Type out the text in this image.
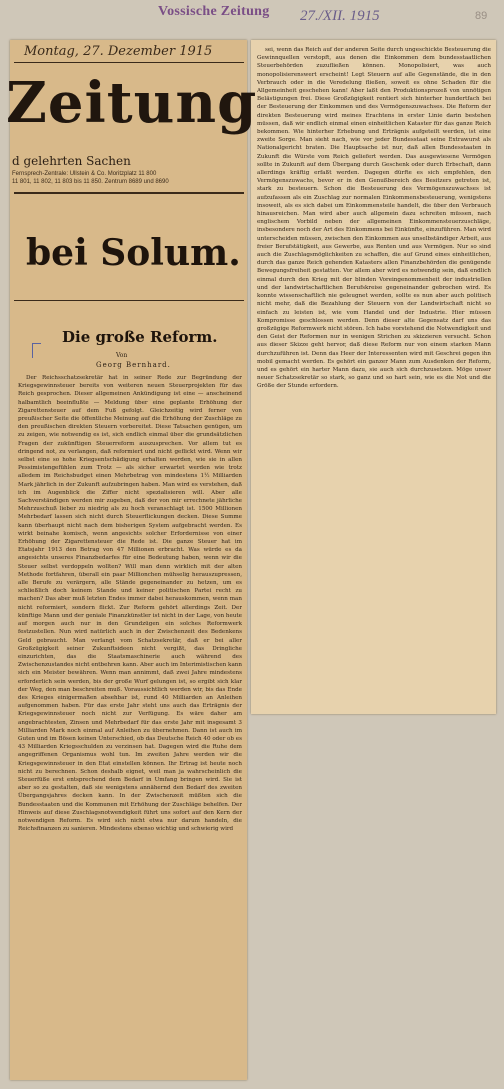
Vossische Zeitung 27./XII. 1915	89
Montag, 27. Dezember 1915
Zeitung
d gelehrten Sachen
Fernsprech-Zentrale: Ullstein & Co. Moritzplatz 11 800
11 801, 11 802, 11 803 bis 11 850. Zentrum 8689 und 8690
bei Solum.
Die große Reform.
Von
Georg Bernhard.

Der Reichsschatzsekretär hat in seiner Rede zur Begründung der Kriegsgewinnsteuer bereits von weiteren neuen Steuerprojekten für das Reich gesprochen. Dieser allgemeinen Ankündigung ist eine — anscheinend halbamtlich beeinflußte — Meldung über eine geplante Erhöhung der Zigarettensteuer auf dem Fuß gefolgt. Gleichzeitig wird ferner von preußischer Seite die öffentliche Meinung auf die Erhöhung der Zuschläge zu den preußischen direkten Steuern vorbereitet. Diese Tatsachen genügen, um zu zeigen, wie notwendig es ist, sich endlich einmal über die grundsätzlichen Fragen der zukünftigen Steuerreform auszusprechen. Vor allem tut es dringend not, zu verlangen, daß reformiert und nicht geflickt wird. Wenn wir selbst eine so hohe Kriegsentschädigung erhalten werden, wie sie in allen Pessimistengefühlen zum Trotz — als sicher erwartet werden wie trotz alledem im Reichsbudget einen Mehrbetrag von mindestens 1½ Milliarden Mark jährlich in der Zukunft aufzubringen haben. Man wird es verstehen, daß ich im Augenblick die Ziffer nicht spezialisieren will. Aber alle Sachverständigen werden mir zugeben, daß der von mir errechnete jährliche Mehrzuschuß lieber zu niedrig als zu hoch veranschlagt ist. 1500 Millionen Mehrbedarf lassen sich nicht durch Steuerflickungen decken. Diese Summe kann überhaupt nicht nach dem bisherigen System aufgebracht werden. Es wirkt beinahe komisch, wenn angesichts solcher Erfordernisse von einer Erhöhung der Zigarettensteuer die Rede ist. Die ganze Steuer hat im Etatsjahr 1913 den Betrag von 47 Millionen erbracht. Was würde es da angesichts unseres Finanzbedarfes für eine Bedeutung haben, wenn wir die Steuer selbst verdoppeln wollten? Will man denn wirklich mit der alten Methode fortfahren, überall ein paar Millionchen mühselig herauszupressen, alle Berufe zu verärgern, alle Stände gegeneinander zu hetzen, um es schließlich doch keinem Stande und keiner politischen Partei recht zu machen? Das aber muß letzten Endes immer dabei herauskommen, wenn man nicht reformiert, sondern flickt. Zur Reform gehört allerdings Zeit. Der künftige Mann und der geniale Finanzkünstler ist nicht in der Lage, von heute auf morgen auch nur in den Grundzügen ein solches Reformwerk festzustellen. Nun wird natürlich auch in der Zwischenzeit des Bedenkens Geld gebraucht. Man verlangt vom Schatzsekretär, daß er bei aller Großzügigkeit seiner Zukunftsideen nicht vergißt, das Dringliche einzurichten, das die Staatsmaschinerie auch während des Zwischenzustandes nicht entbehren kann. Aber auch im Interimistischen kann sich ein Meister bewähren. Wenn man annimmt, daß zwei Jahre mindestens erforderlich sein werden, bis der große Wurf gelungen ist, so ergibt sich klar der Weg, den man beschreiten muß. Voraussichtlich werden wir, bis das Ende des Krieges einigermaßen absehbar ist, rund 40 Milliarden an Anleihen aufgenommen haben. Für das erste Jahr steht uns auch das Erträgnis der Kriegsgewinnsteuer noch nicht zur Verfügung. Es wäre daher am angebrachtesten, Zinsen und Mehrbedarf für das erste Jahr mit insgesamt 3 Milliarden Mark noch einmal auf Anleihen zu übernehmen. Dann ist auch im Guten und im Bösen keinen Unterschied, ob das Deutsche Reich 40 oder ob es 43 Milliarden Kriegsschulden zu verzinsen hat. Dagegen wird die Ruhe dem angegriffenen Organismus wohl tun. Im zweiten Jahre werden wir die Kriegsgewinnsteuer in den Etat einstellen können. Ihr Ertrag ist heute noch nicht zu berechnen. Schon deshalb eignet, weil man ja wahrscheinlich die Steuerfüße erst entsprechend dem Bedarf in Umfang bringen wird. Sie ist aber so zu gestalten, daß sie wenigstens annähernd den Bedarf des zweiten Übergangsjahres decken kann. In der Zwischenzeit müßten sich die Bundesstaaten und die Kommunen mit Erhöhung der Zuschläge behelfen. Der Hinweis auf diese Zuschlagsnotwendigkeit führt uns sofort auf den Kern der notwendigen Reform. Es wird sich nicht etwa nur darum handeln, die Reichsfinanzen zu sanieren. Mindestens ebenso wichtig und schwierig wird

sei, wenn das Reich auf der anderen Seite durch ungeschickte Besteuerung die Gewinnquellen verstopft, aus denen die Einkommen dem bundesstaatlichen Steuerbehörden zuzufließen können. Monopolisiert, was auch monopolisierenswert erscheint! Legt Steuern auf alle Gegenstände, die in den Verbrauch oder in die Veredelung fließen, soweit es ohne Schaden für die Allgemeinheit geschehen kann! Aber laßt den Produktionsprozeß von unnötigen Belästigungen frei. Diese Großzügigkeit rentiert sich hinterher hundertfach bei der Besteuerung der Einkommen und des Vermögenszuwachses. Die Reform der direkten Besteuerung wird meines Erachtens in erster Linie darin bestehen müssen, daß wir endlich einmal einen einheitlichen Kataster für das ganze Reich bekommen. Wie hinterher Erhebung und Erträgnis aufgeteilt werden, ist eine zweite Sorge. Man sieht nach, wie vor jeder Bundesstaat seine Extrawurst als Nationalgericht braten. Die Hauptsache ist nur, daß allen Bundesstaaten in Zukunft die Würste vom Reich geliefert werden. Das ausgewiesene Vermögen sollte in Zukunft auf dem Übergang durch Geschenk oder durch Erbschaft, dann allerdings kräftig erfaßt werden. Dagegen dürfte es sich empfehlen, den Vermögenszuwachs, bevor er in den Genußbereich des Besitzers getreten ist, stark zu besteuern. Schon die Besteuerung des Vermögenszuwachses ist aufzufassen als ein Zuschlag zur normalen Einkommensbesteuerung, wenigstens insoweit, als es sich dabei um Einkommensteile handelt, die über den Verbrauch hinausreichen. Man wird aber auch allgemein dazu schreiten müssen, nach englischem Vorbild neben der allgemeinen Einkommensteuerzuschläge, insbesondere noch der Art des Einkommens bei Einkünfte, einzuführen. Man wird unterscheiden müssen, zwischen den Einkommen aus unselbständiger Arbeit, aus freier Berufstätigkeit, aus Gewerbe, aus Renten und aus Vermögen. Nur so sind auch die Zuschlagsmöglichkeiten zu schaffen, die auf Grund eines einheitlichen, durch das ganze Reich gehenden Katasters allen Finanzbehörden die genügende Bewegungsfreiheit gestatten. Vor allem aber wird es notwendig sein, daß endlich einmal durch den Krieg mit der blinden Voreingenommenheit der industriellen und der landwirtschaftlichen Berufskreise gegeneinander gebrochen wird. Es konnte wissenschaftlich nie geleugnet werden, sollte es nun aber auch politisch nicht mehr, daß die Bezahlung der Steuern von der Landwirtschaft nicht so einfach zu leisten ist, wie vom Handel und der Industrie. Hier müssen Kompromisse geschlossen werden. Denn dieser alte Gegensatz darf uns das großzügige Reformwerk nicht stören. Ich habe vorstehend die Notwendigkeit und den Geist der Reformen nur in wenigen Strichen zu skizzieren versucht. Schon aus dieser Skizze geht hervor, daß diese Reform nur von einem starken Mann durchzuführen ist. Denn das Heer der Interessenten wird mit Geschrei gegen ihn mobil gemacht werden. Es gehört ein ganzer Mann zum Ausdenken der Reform, und es gehört ein harter Mann dazu, sie auch sich durchzusetzen. Möge unser neuer Schatzsekretär so stark, so ganz und so hart sein, wie es die Not und die Größe der Stunde erfordern.
